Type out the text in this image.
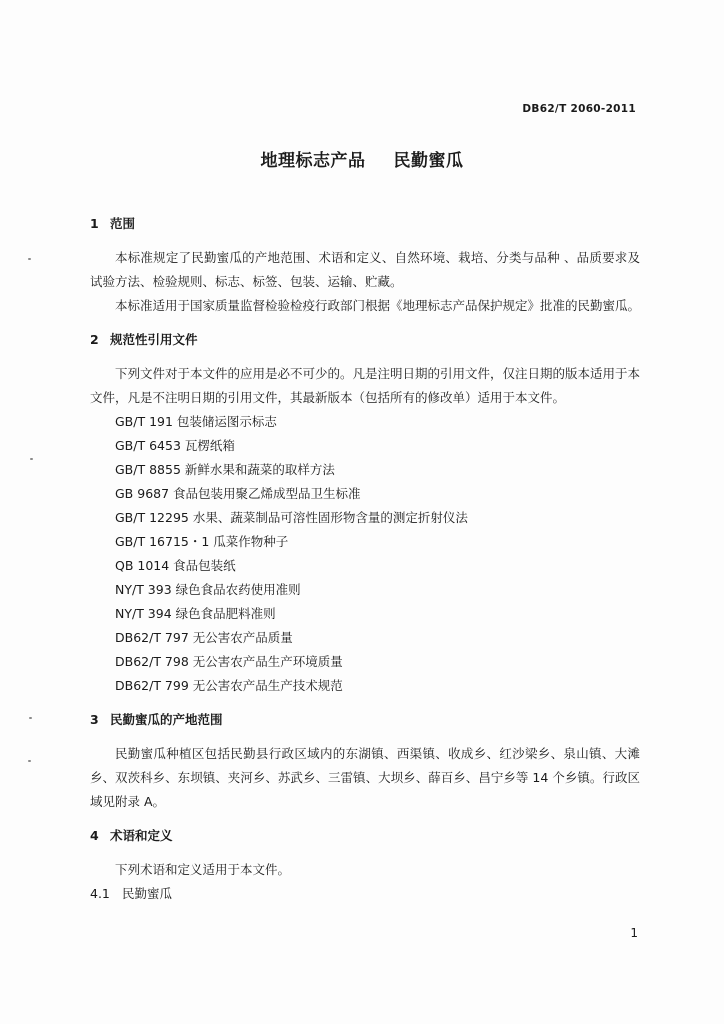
DB62/T 2060-2011
地理标志产品 民勤蜜瓜
1 范围

本标准规定了民勤蜜瓜的产地范围、术语和定义、自然环境、栽培、分类与品种 、品质要求及试验方法、检验规则、标志、标签、包装、运输、贮藏。

本标准适用于国家质量监督检验检疫行政部门根据《地理标志产品保护规定》批准的民勤蜜瓜。

2 规范性引用文件

下列文件对于本文件的应用是必不可少的。凡是注明日期的引用文件，仅注日期的版本适用于本文件，凡是不注明日期的引用文件，其最新版本（包括所有的修改单）适用于本文件。

GB/T 191 包装储运图示标志

GB/T 6453 瓦楞纸箱

GB/T 8855 新鲜水果和蔬菜的取样方法

GB 9687 食品包装用聚乙烯成型品卫生标准

GB/T 12295 水果、蔬菜制品可溶性固形物含量的测定折射仪法

GB/T 16715・1 瓜菜作物种子

QB 1014 食品包装纸

NY/T 393 绿色食品农药使用准则

NY/T 394 绿色食品肥料准则

DB62/T 797 无公害农产品质量

DB62/T 798 无公害农产品生产环境质量

DB62/T 799 无公害农产品生产技术规范

3 民勤蜜瓜的产地范围

民勤蜜瓜种植区包括民勤县行政区域内的东湖镇、西渠镇、收成乡、红沙梁乡、泉山镇、大滩乡、双茨科乡、东坝镇、夹河乡、苏武乡、三雷镇、大坝乡、薛百乡、昌宁乡等 14 个乡镇。行政区域见附录 A。

4 术语和定义

下列术语和定义适用于本文件。

4.1 民勤蜜瓜

1
